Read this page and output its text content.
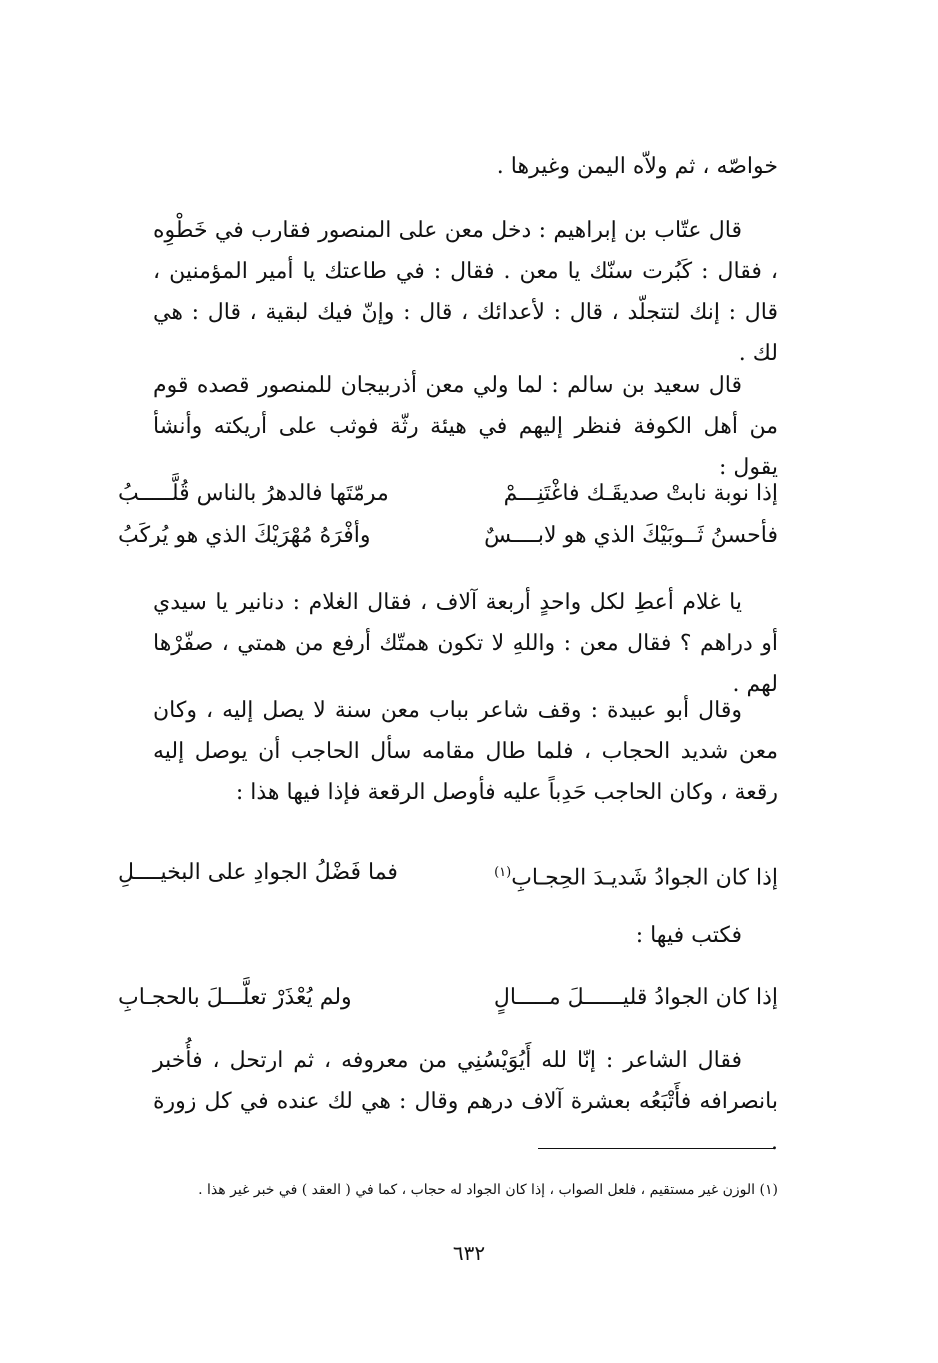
خواصّه ، ثم ولاّه اليمن وغيرها .

قال عتّاب بن إبراهيم : دخل معن على المنصور فقارب في خَطْوِه ، فقال : كَبُرت سنّك يا معن . فقال : في طاعتك يا أمير المؤمنين ، قال : إنك لتتجلّد ، قال : لأعدائك ، قال : وإنّ فيك لبقية ، قال : هي لك .

قال سعيد بن سالم : لما ولي معن أذربيجان للمنصور قصده قوم من أهل الكوفة فنظر إليهم في هيئة رثّة فوثب على أريكته وأنشأ يقول :

إذا نوبة نابتْ صديقَـك فاغْتَنِـــمْ
مرمّتَها فالدهرُ بالناس قُلَّـــــبُ
فأحسنُ ثَــوبَيْكَ الذي هو لابــــسٌ
وأفْرَهُ مُهْرَيْكَ الذي هو يُركَبُ

يا غلام أعطِ لكل واحدٍ أربعة آلاف ، فقال الغلام : دنانير يا سيدي أو دراهم ؟ فقال معن : واللهِ لا تكون همتّك أرفع من همتي ، صفّرْها لهم .

وقال أبو عبيدة : وقف شاعر بباب معن سنة لا يصل إليه ، وكان معن شديد الحجاب ، فلما طال مقامه سأل الحاجب أن يوصل إليه رقعة ، وكان الحاجب حَدِباً عليه فأوصل الرقعة فإذا فيها هذا :

إذا كان الجوادُ شَديـدَ الحِجـابِ$^{(١)}$
فما فَضْلُ الجوادِ على البخيــــلِ

فكتب فيها :

إذا كان الجوادُ قليــــــلَ مـــــالٍ
ولم يُعْذَرْ تعلَّـــلَ بالحجـابِ

فقال الشاعر : إنّا لله أَيُوَيْسُنِي من معروفه ، ثم ارتحل ، فأُخبر بانصرافه فأَتْبَعُه بعشرة آلاف درهم وقال : هي لك عنده في كل زورة .

(١) الوزن غير مستقيم ، فلعل الصواب ، إذا كان الجواد له حجاب ، كما في ( العقد ) في خبر غير هذا .

٦٣٢
